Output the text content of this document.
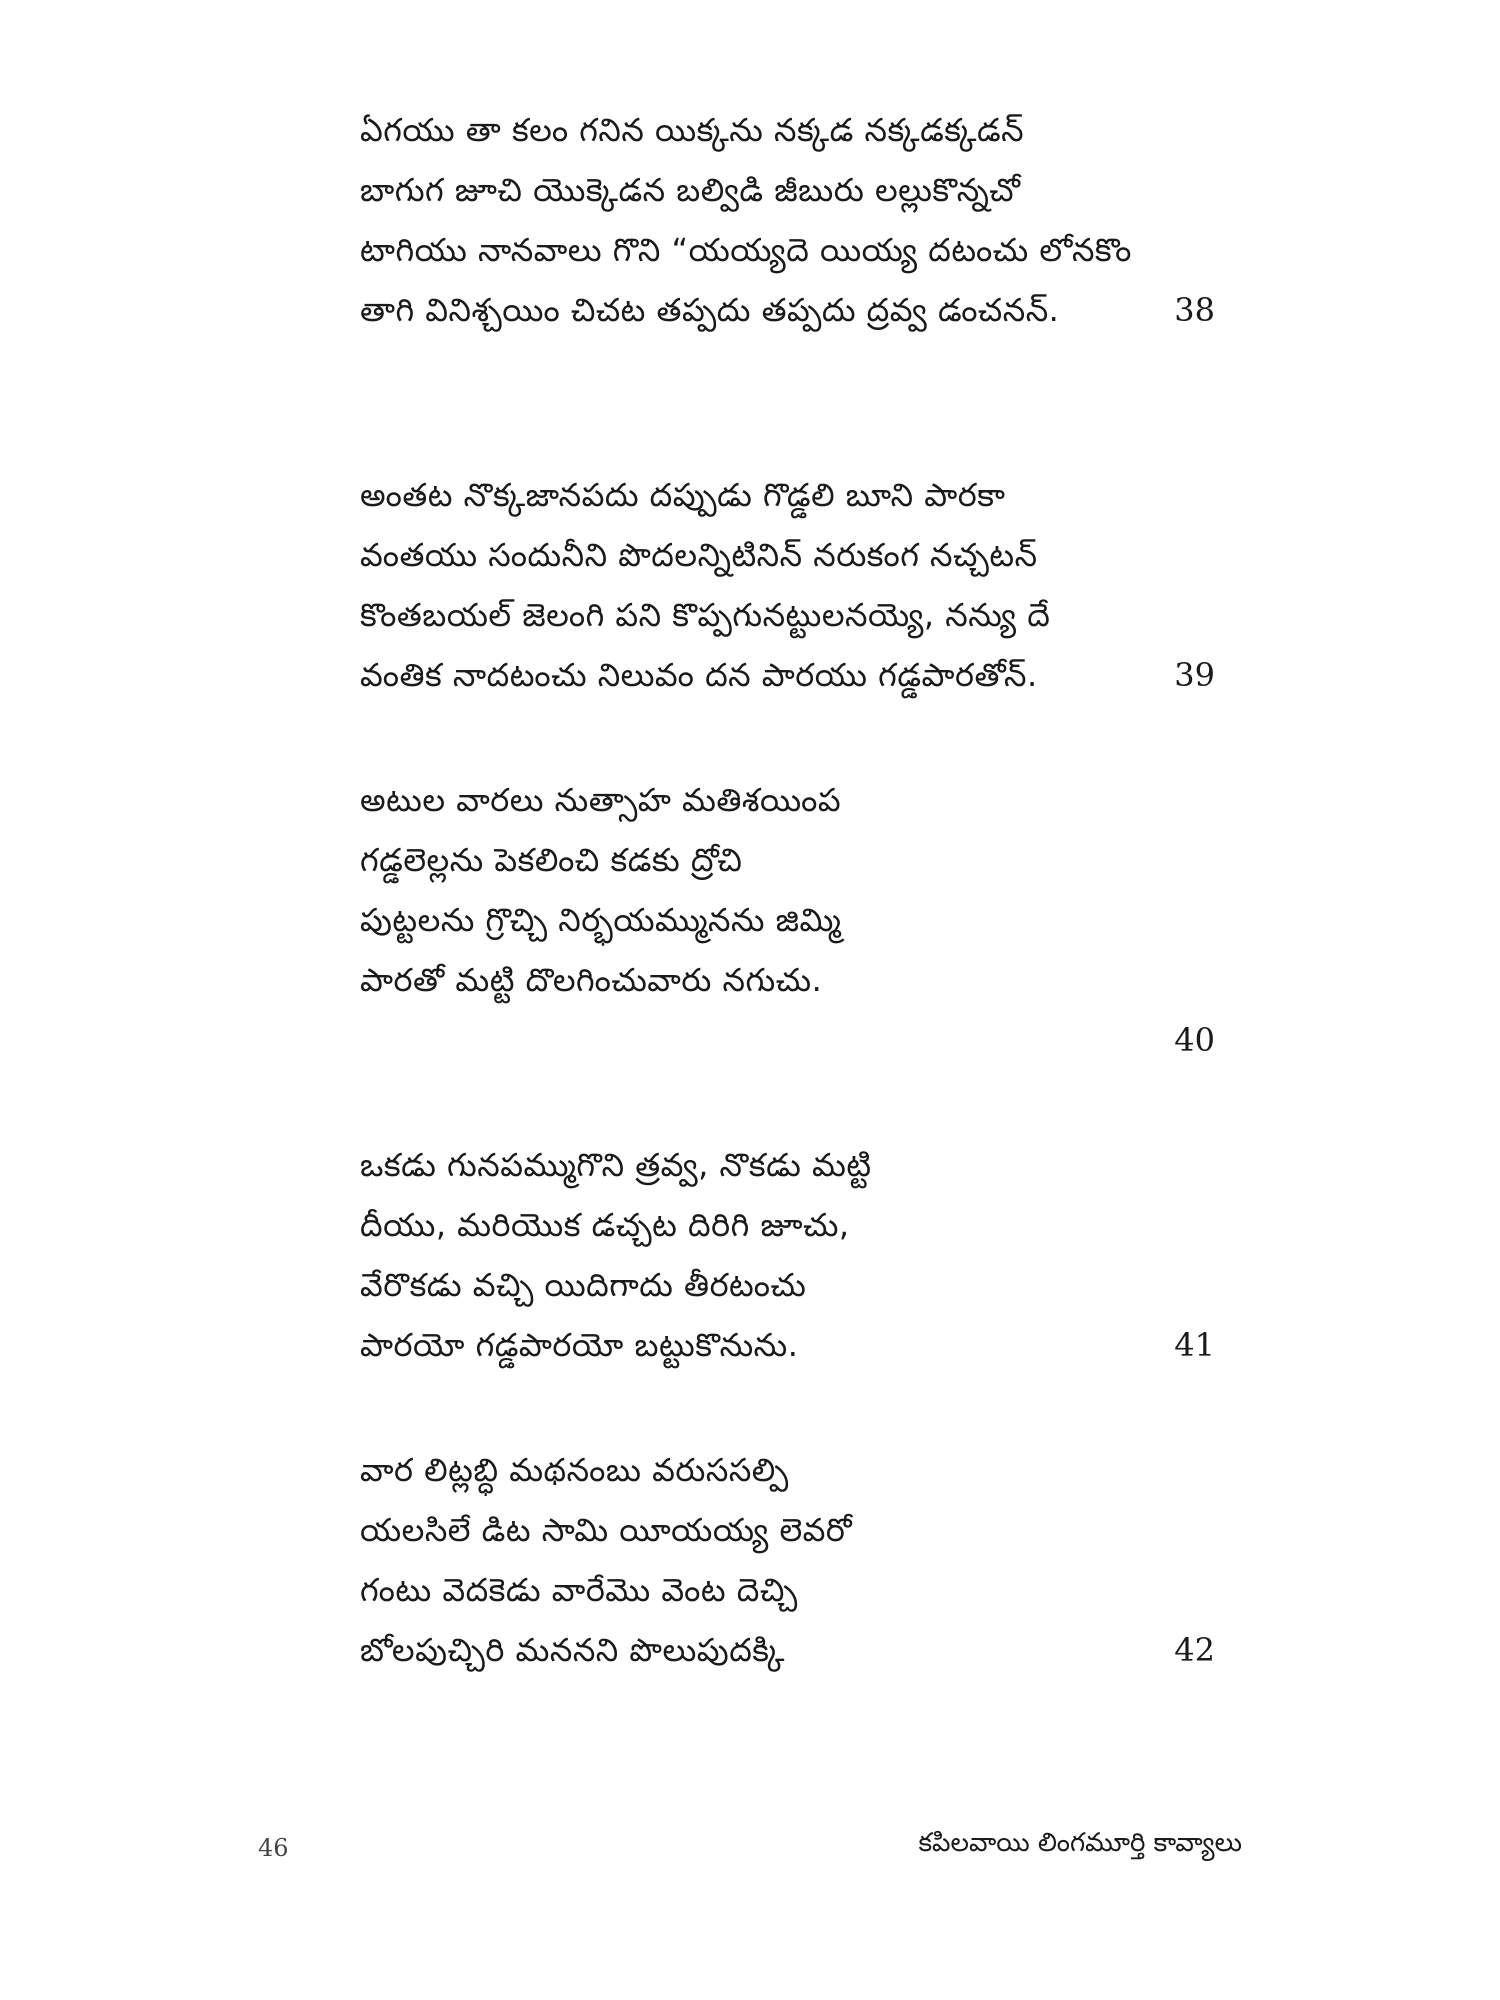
ఏగయు తా కలం గనిన యిక్కను నక్కడ నక్కడక్కడన్
బాగుగ జూచి యొక్కెడన బల్విడి జీబురు లల్లుకొన్నచో
టాగియు నానవాలు గొని “యయ్యదె యియ్య దటంచు లోనకొం
తాగి వినిశ్చయిం చిచట తప్పదు తప్పదు ద్రవ్వ డంచనన్.	38
అంతట నొక్కజానపదు దప్పుడు గొడ్డలి బూని పారకా
వంతయు సందునీని పొదలన్నిటినిన్ నరుకంగ నచ్చటన్
కొంతబయల్ జెలంగి పని కొప్పగునట్టులనయ్యె, నన్యు దే
వంతిక నాదటంచు నిలువం దన పారయు గడ్డపారతోన్.	39
అటుల వారలు నుత్సాహ మతిశయింప
గడ్డలెల్లను పెకలించి కడకు ద్రోచి
పుట్టలను గ్రొచ్చి నిర్భయమ్మునను జిమ్మి
పారతో మట్టి దొలగించువారు నగుచు.
40
ఒకడు గునపమ్ముగొని త్రవ్వ, నొకడు మట్టి
దీయు, మరియొక డచ్చట దిరిగి జూచు,
వేరొకడు వచ్చి యిదిగాదు తీరటంచు
పారయో గడ్డపారయో బట్టుకొనును.	41
వార లిట్లబ్ధి మథనంబు వరుససల్పి
యలసిలే డిట సామి యీయయ్య లెవరో
గంటు వెదకెడు వారేమొ వెంట దెచ్చి
బోలపుచ్చిరి మననని పొలుపుదక్కి	42
46	కపిలవాయి లింగమూర్తి కావ్యాలు
